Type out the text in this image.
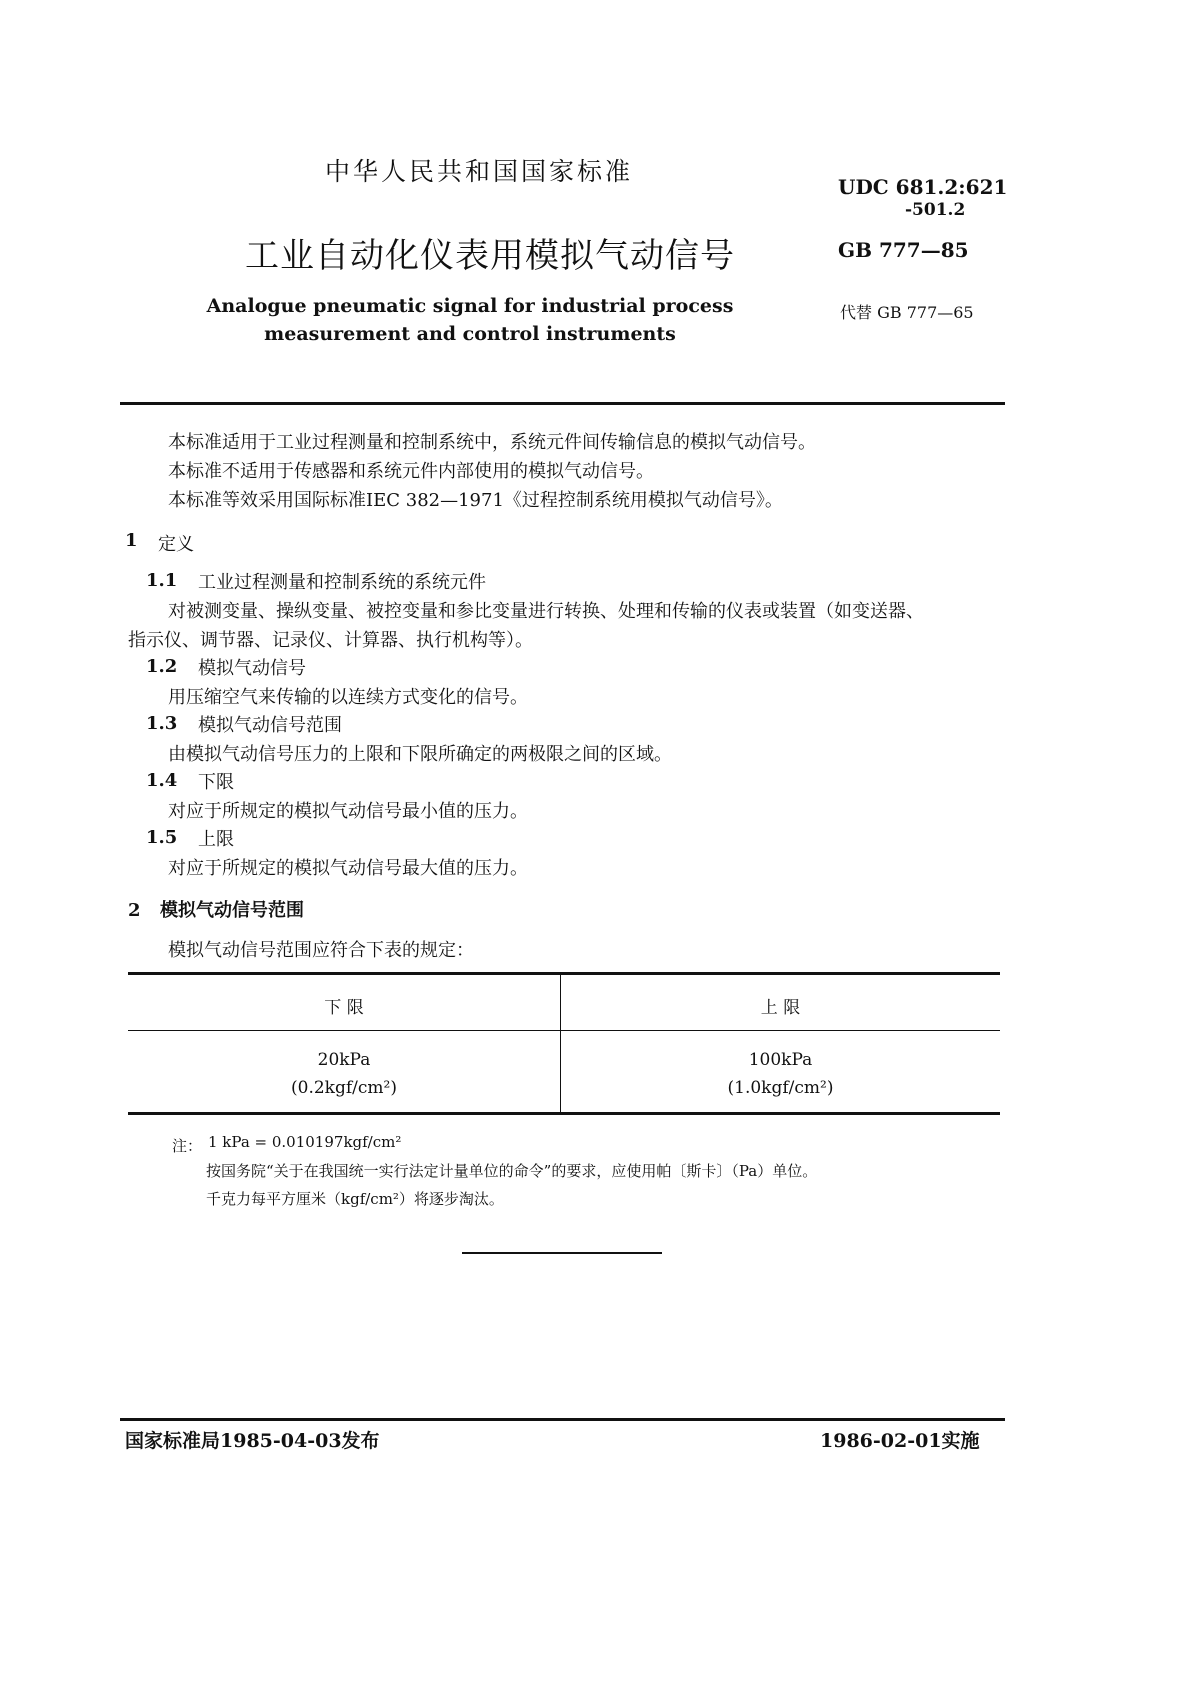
中华人民共和国国家标准
工业自动化仪表用模拟气动信号
Analogue pneumatic signal for industrial process
measurement and control instruments
UDC 681.2:621
-501.2
GB 777—85
代替 GB 777—65
本标准适用于工业过程测量和控制系统中，系统元件间传输信息的模拟气动信号。
本标准不适用于传感器和系统元件内部使用的模拟气动信号。
本标准等效采用国际标准IEC 382—1971《过程控制系统用模拟气动信号》。
1 定义
1.1 工业过程测量和控制系统的系统元件
对被测变量、操纵变量、被控变量和参比变量进行转换、处理和传输的仪表或装置（如变送器、
指示仪、调节器、记录仪、计算器、执行机构等）。
1.2 模拟气动信号
用压缩空气来传输的以连续方式变化的信号。
1.3 模拟气动信号范围
由模拟气动信号压力的上限和下限所确定的两极限之间的区域。
1.4 下限
对应于所规定的模拟气动信号最小值的压力。
1.5 上限
对应于所规定的模拟气动信号最大值的压力。
2 模拟气动信号范围
模拟气动信号范围应符合下表的规定：
下 限	上 限
20kPa	100kPa
(0.2kgf/cm²)	(1.0kgf/cm²)
注： 1 kPa = 0.010197kgf/cm²
按国务院“关于在我国统一实行法定计量单位的命令”的要求，应使用帕〔斯卡〕（Pa）单位。
千克力每平方厘米（kgf/cm²）将逐步淘汰。
国家标准局1985-04-03发布	1986-02-01实施
